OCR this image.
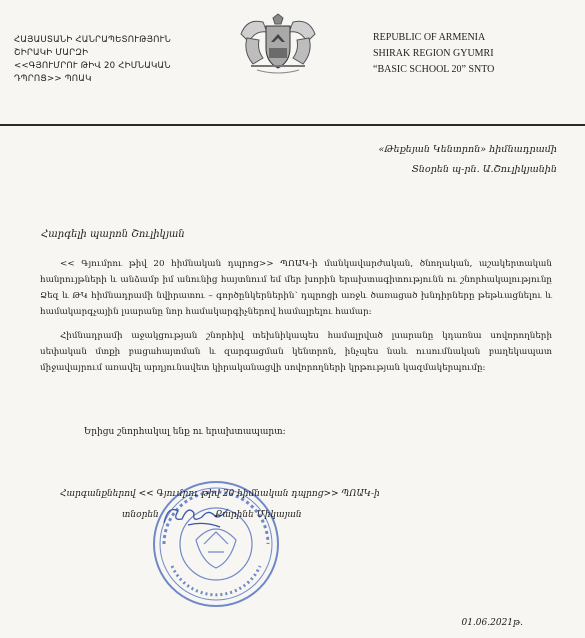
ՀԱՅԱՍՏԱՆԻ ՀԱՆՐԱՊԵՏՈՒԹՅՈՒՆ
ՇԻՐԱԿԻ ՄԱՐԶԻ
<<ԳՅՈՒՄՐՈՒ ԹԻՎ 20 ՀԻՄՆԱԿԱՆ
ԴՊՐՈՑ>> ՊՈԱԿ
REPUBLIC OF ARMENIA
SHIRAK REGION GYUMRI
“BASIC SCHOOL 20” SNTO
«Թեքեյան Կենտրոն» հիմնադրամի
Տնօրեն պ-րն. Ա.Շուլիկյանին
Հարգելի պարոն Շուլիկյան

<< Գյումրու թիվ 20 հիմնական դպրոց>> ՊՈԱԿ-ի մանկավարժական, ծնողական, աշակերտական հանրույթների և անձամբ իմ անունից հայտնում եմ մեր խորին երախտագիտությունն ու շնորհակալությունը Ձեզ և ԹԿ հիմնադրամի նվիրատու – գործընկերներին՝ դպրոցի առջև ծառացած խնդիրները թեթևացնելու և համակարգչային լսարանը նոր համակարգիչներով համալրելու համար:

Հիմնադրամի աջակցության շնորհիվ տեխնիկապես համալրված լսարանը կդառնա սովորողների սեփական մտքի բացահայտման և զարգացման կենտրոն, ինչպես նաև ուսումնական բաղեկապատ միջավայրում առավել արդյունավետ կիրականացվի սովորողների կրթության կազմակերպումը:

Երիցս շնորհակալ ենք ու երախտապարտ:
Հարգանքներով << Գյումրու թիվ 20 հիմնական դպրոց>> ՊՈԱԿ-ի
տնօրեն	Քարինե Միկայան
01.06.2021թ.
